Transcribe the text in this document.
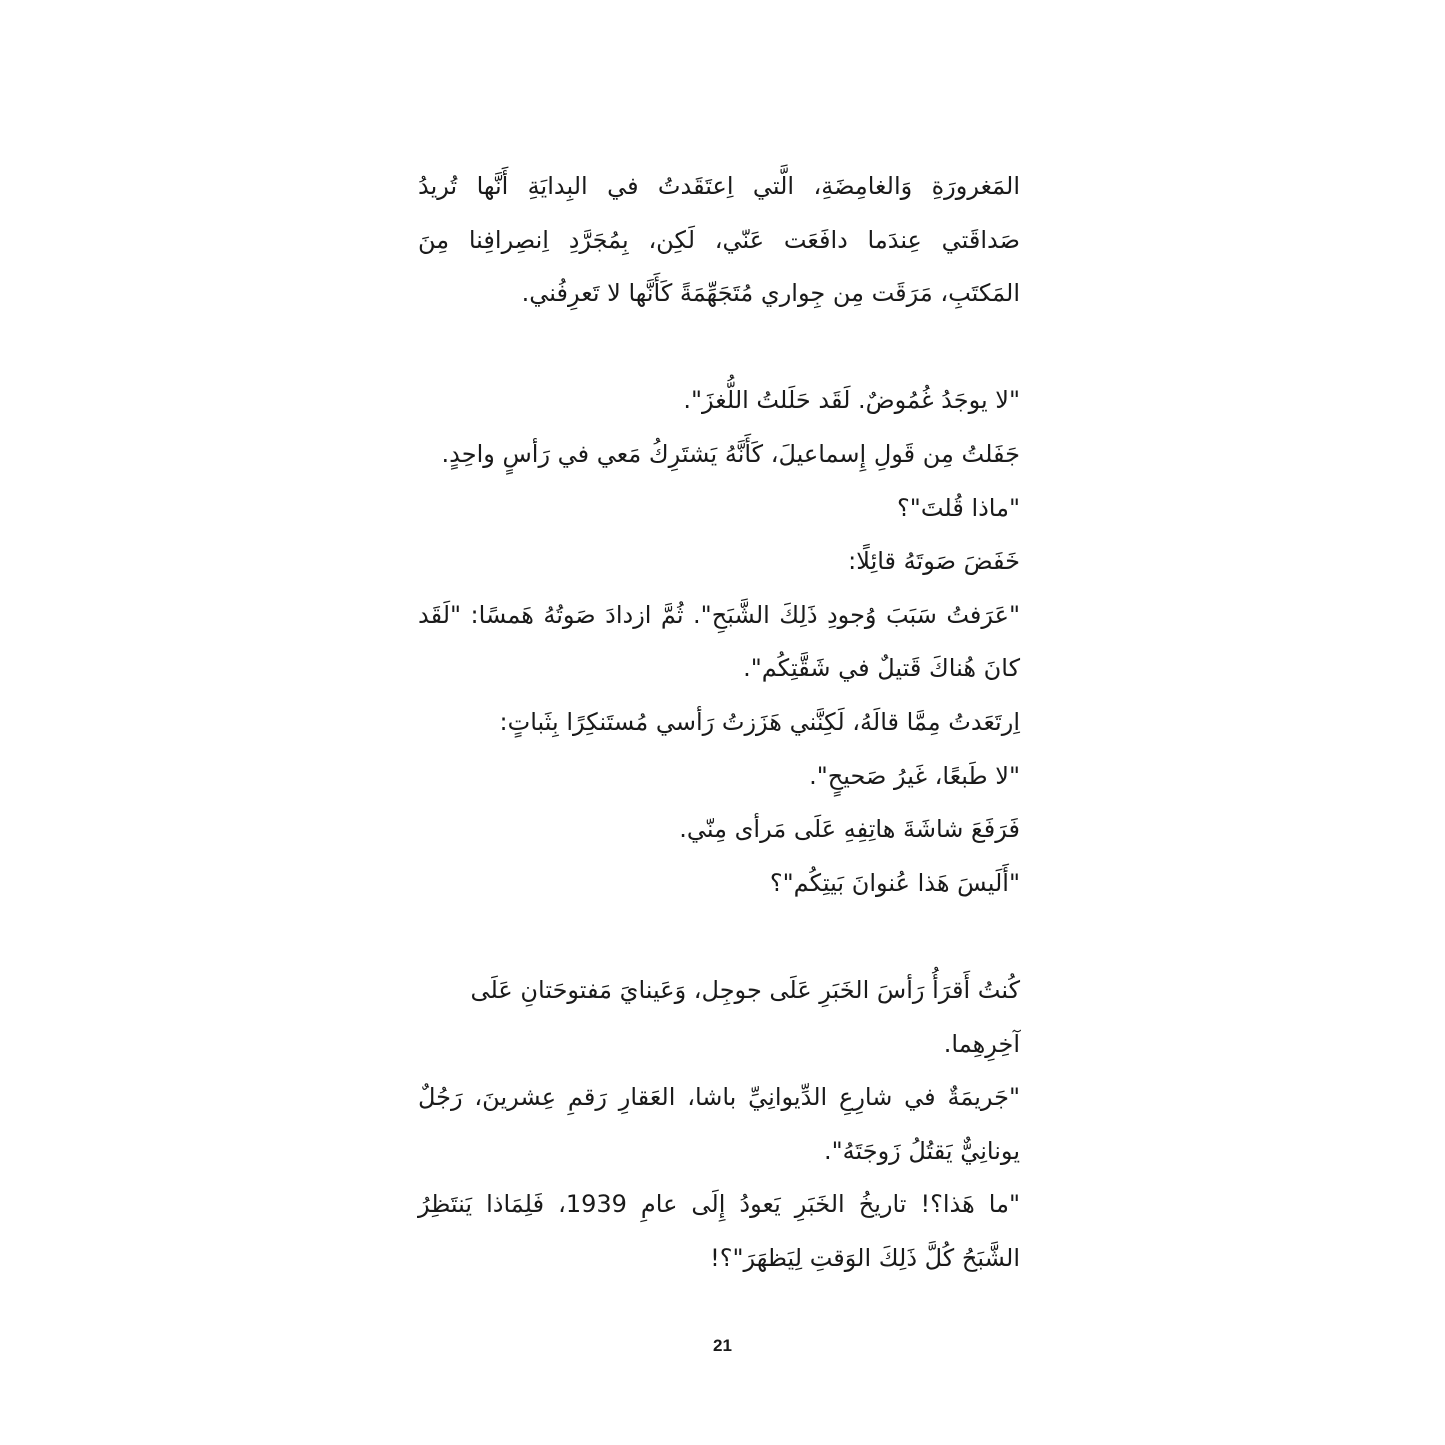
المَغرورَةِ وَالغامِضَةِ، الَّتي اِعتَقَدتُ في البِدايَةِ أَنَّها تُريدُ صَداقَتي عِندَما دافَعَت عَنّي، لَكِن، بِمُجَرَّدِ اِنصِرافِنا مِنَ المَكتَبِ، مَرَقَت مِن جِواري مُتَجَهِّمَةً كَأَنَّها لا تَعرِفُني.

"لا يوجَدُ غُمُوضٌ. لَقَد حَلَلتُ اللُّغزَ".

جَفَلتُ مِن قَولِ إِسماعيلَ، كَأَنَّهُ يَشتَرِكُ مَعي في رَأسٍ واحِدٍ.

"ماذا قُلتَ"؟

خَفَضَ صَوتَهُ قائِلًا:

"عَرَفتُ سَبَبَ وُجودِ ذَلِكَ الشَّبَحِ". ثُمَّ ازدادَ صَوتُهُ هَمسًا: "لَقَد كانَ هُناكَ قَتيلٌ في شَقَّتِكُم".

اِرتَعَدتُ مِمَّا قالَهُ، لَكِنَّني هَزَزتُ رَأسي مُستَنكِرًا بِثَباتٍ:

"لا طَبعًا، غَيرُ صَحيحٍ".

فَرَفَعَ شاشَةَ هاتِفِهِ عَلَى مَرأى مِنّي.

"أَلَيسَ هَذا عُنوانَ بَيتِكُم"؟

كُنتُ أَقرَأُ رَأسَ الخَبَرِ عَلَى جوجِل، وَعَينايَ مَفتوحَتانِ عَلَى آخِرِهِما.

"جَريمَةٌ في شارِعِ الدِّيوانِيِّ باشا، العَقارِ رَقمِ عِشرينَ، رَجُلٌ يونانِيٌّ يَقتُلُ زَوجَتَهُ".

"ما هَذا؟! تاريخُ الخَبَرِ يَعودُ إِلَى عامِ 1939، فَلِمَاذا يَنتَظِرُ الشَّبَحُ كُلَّ ذَلِكَ الوَقتِ لِيَظهَرَ"؟!

21
